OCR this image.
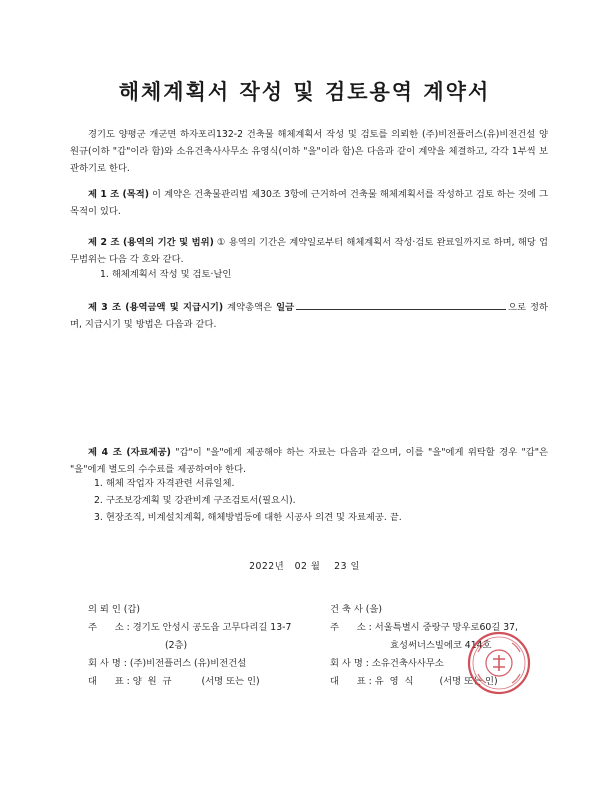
해체계획서 작성 및 검토용역 계약서
경기도 양평군 개군면 하자포리132-2 건축물 해체계획서 작성 및 검토를 의뢰한 (주)비전플러스(유)비전건설 양원규(이하 "갑"이라 함)와 소유건축사사무소 유영식(이하 "을"이라 함)은 다음과 같이 계약을 체결하고, 각각 1부씩 보관하기로 한다.
제 1 조 (목적) 이 계약은 건축물관리법 제30조 3항에 근거하여 건축물 해체계획서를 작성하고 검토 하는 것에 그 목적이 있다.
제 2 조 (용역의 기간 및 범위) ① 용역의 기간은 계약일로부터 해체계획서 작성·검토 완료일까지로 하며, 해당 업무범위는 다음 각 호와 같다.
1. 해체계획서 작성 및 검토·날인
제 3 조 (용역금액 및 지급시기) 계약총액은 일금	으로 정하며, 지급시기 및 방법은 다음과 같다.
제 4 조 (자료제공) "갑"이 "을"에게 제공해야 하는 자료는 다음과 같으며, 이를 "을"에게 위탁할 경우 "갑"은 "을"에게 별도의 수수료를 제공하여야 한다.
1. 해체 작업자 자격관련 서류일체.
2. 구조보강계획 및 강관비계 구조검토서(필요시).
3. 현장조직, 비계설치계획, 해체방법등에 대한 시공사 의견 및 자료제공. 끝.
2022년   02 월    23 일
의 뢰 인 (갑)
주      소 : 경기도 안성시 공도읍 고무다리길 13-7
(2층)
회 사 명 : (주)비전플러스 (유)비전건설
대      표 : 양  원  규	(서명 또는 인)
건 축 사 (을)
주      소 : 서울특별시 중랑구 망우로60길 37,
효성써너스빌에코 414호
회 사 명 : 소유건축사사무소
대      표 : 유  영  식	(서명 또는 인)
